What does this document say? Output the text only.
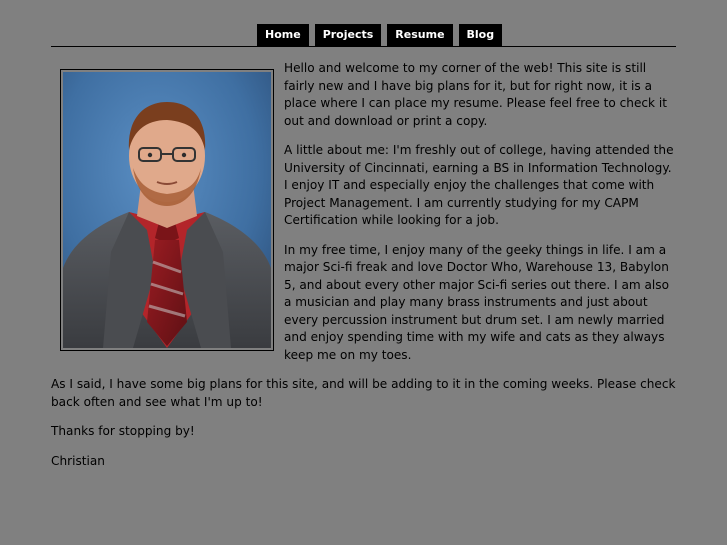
Home	Projects	Resume	Blog

Hello and welcome to my corner of the web! This site is still fairly new and I have big plans for it, but for right now, it is a place where I can place my resume. Please feel free to check it out and download or print a copy.

A little about me: I'm freshly out of college, having attended the University of Cincinnati, earning a BS in Information Technology. I enjoy IT and especially enjoy the challenges that come with Project Management. I am currently studying for my CAPM Certification while looking for a job.

In my free time, I enjoy many of the geeky things in life. I am a major Sci-fi freak and love Doctor Who, Warehouse 13, Babylon 5, and about every other major Sci-fi series out there. I am also a musician and play many brass instruments and just about every percussion instrument but drum set. I am newly married and enjoy spending time with my wife and cats as they always keep me on my toes.

As I said, I have some big plans for this site, and will be adding to it in the coming weeks. Please check back often and see what I'm up to!

Thanks for stopping by!

Christian
